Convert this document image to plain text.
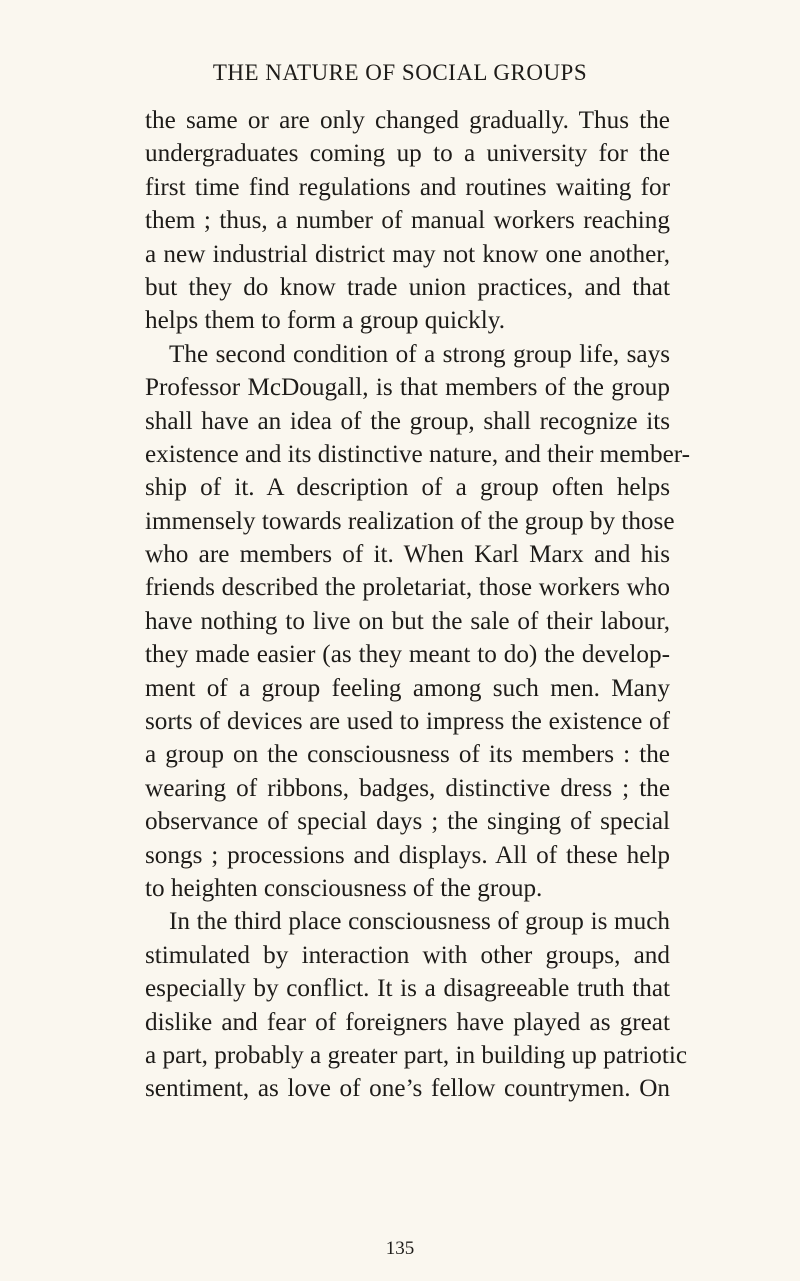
THE NATURE OF SOCIAL GROUPS
the same or are only changed gradually. Thus the
undergraduates coming up to a university for the
first time find regulations and routines waiting for
them ; thus, a number of manual workers reaching
a new industrial district may not know one another,
but they do know trade union practices, and that
helps them to form a group quickly.
The second condition of a strong group life, says
Professor McDougall, is that members of the group
shall have an idea of the group, shall recognize its
existence and its distinctive nature, and their member-
ship of it. A description of a group often helps
immensely towards realization of the group by those
who are members of it. When Karl Marx and his
friends described the proletariat, those workers who
have nothing to live on but the sale of their labour,
they made easier (as they meant to do) the develop-
ment of a group feeling among such men. Many
sorts of devices are used to impress the existence of
a group on the consciousness of its members : the
wearing of ribbons, badges, distinctive dress ; the
observance of special days ; the singing of special
songs ; processions and displays. All of these help
to heighten consciousness of the group.
In the third place consciousness of group is much
stimulated by interaction with other groups, and
especially by conflict. It is a disagreeable truth that
dislike and fear of foreigners have played as great
a part, probably a greater part, in building up patriotic
sentiment, as love of one’s fellow countrymen. On
135
